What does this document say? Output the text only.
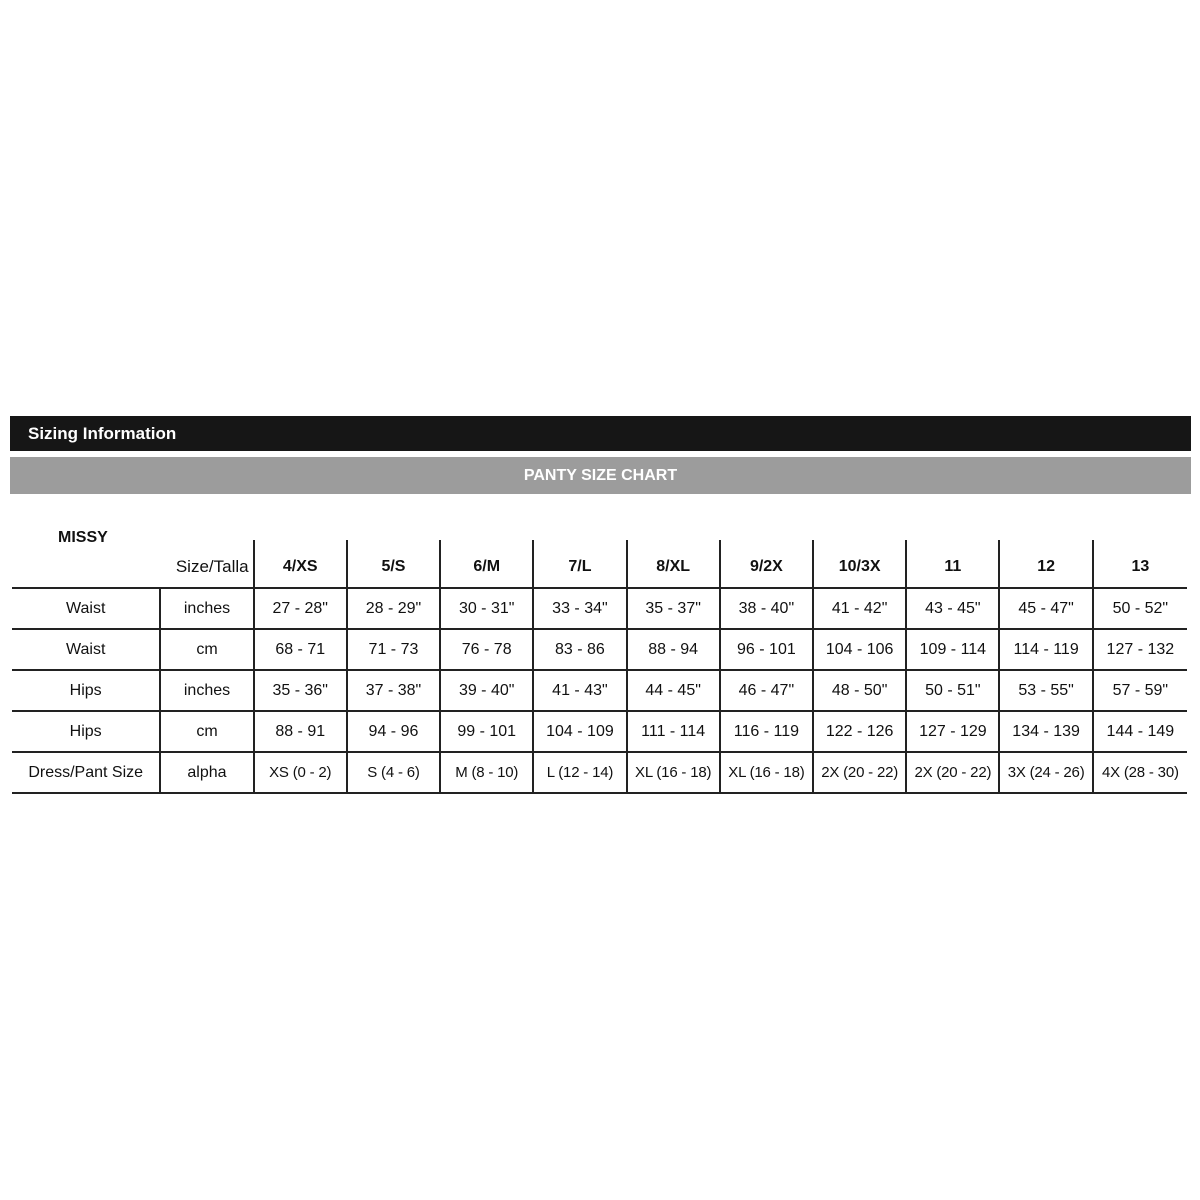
Sizing Information
PANTY SIZE CHART
MISSY
	Size/Talla	4/XS	5/S	6/M	7/L	8/XL	9/2X	10/3X	11	12	13
Waist	inches	27 - 28"	28 - 29"	30 - 31"	33 - 34"	35 - 37"	38 - 40"	41 - 42"	43 - 45"	45 - 47"	50 - 52"
Waist	cm	68 - 71	71 - 73	76 - 78	83 - 86	88 - 94	96 - 101	104 - 106	109 - 114	114 - 119	127 - 132
Hips	inches	35 - 36"	37 - 38"	39 - 40"	41 - 43"	44 - 45"	46 - 47"	48 - 50"	50 - 51"	53 - 55"	57 - 59"
Hips	cm	88 - 91	94 - 96	99 - 101	104 - 109	111 - 114	116 - 119	122 - 126	127 - 129	134 - 139	144 - 149
Dress/Pant Size	alpha	XS (0 - 2)	S (4 - 6)	M (8 - 10)	L (12 - 14)	XL (16 - 18)	XL (16 - 18)	2X (20 - 22)	2X (20 - 22)	3X (24 - 26)	4X (28 - 30)
